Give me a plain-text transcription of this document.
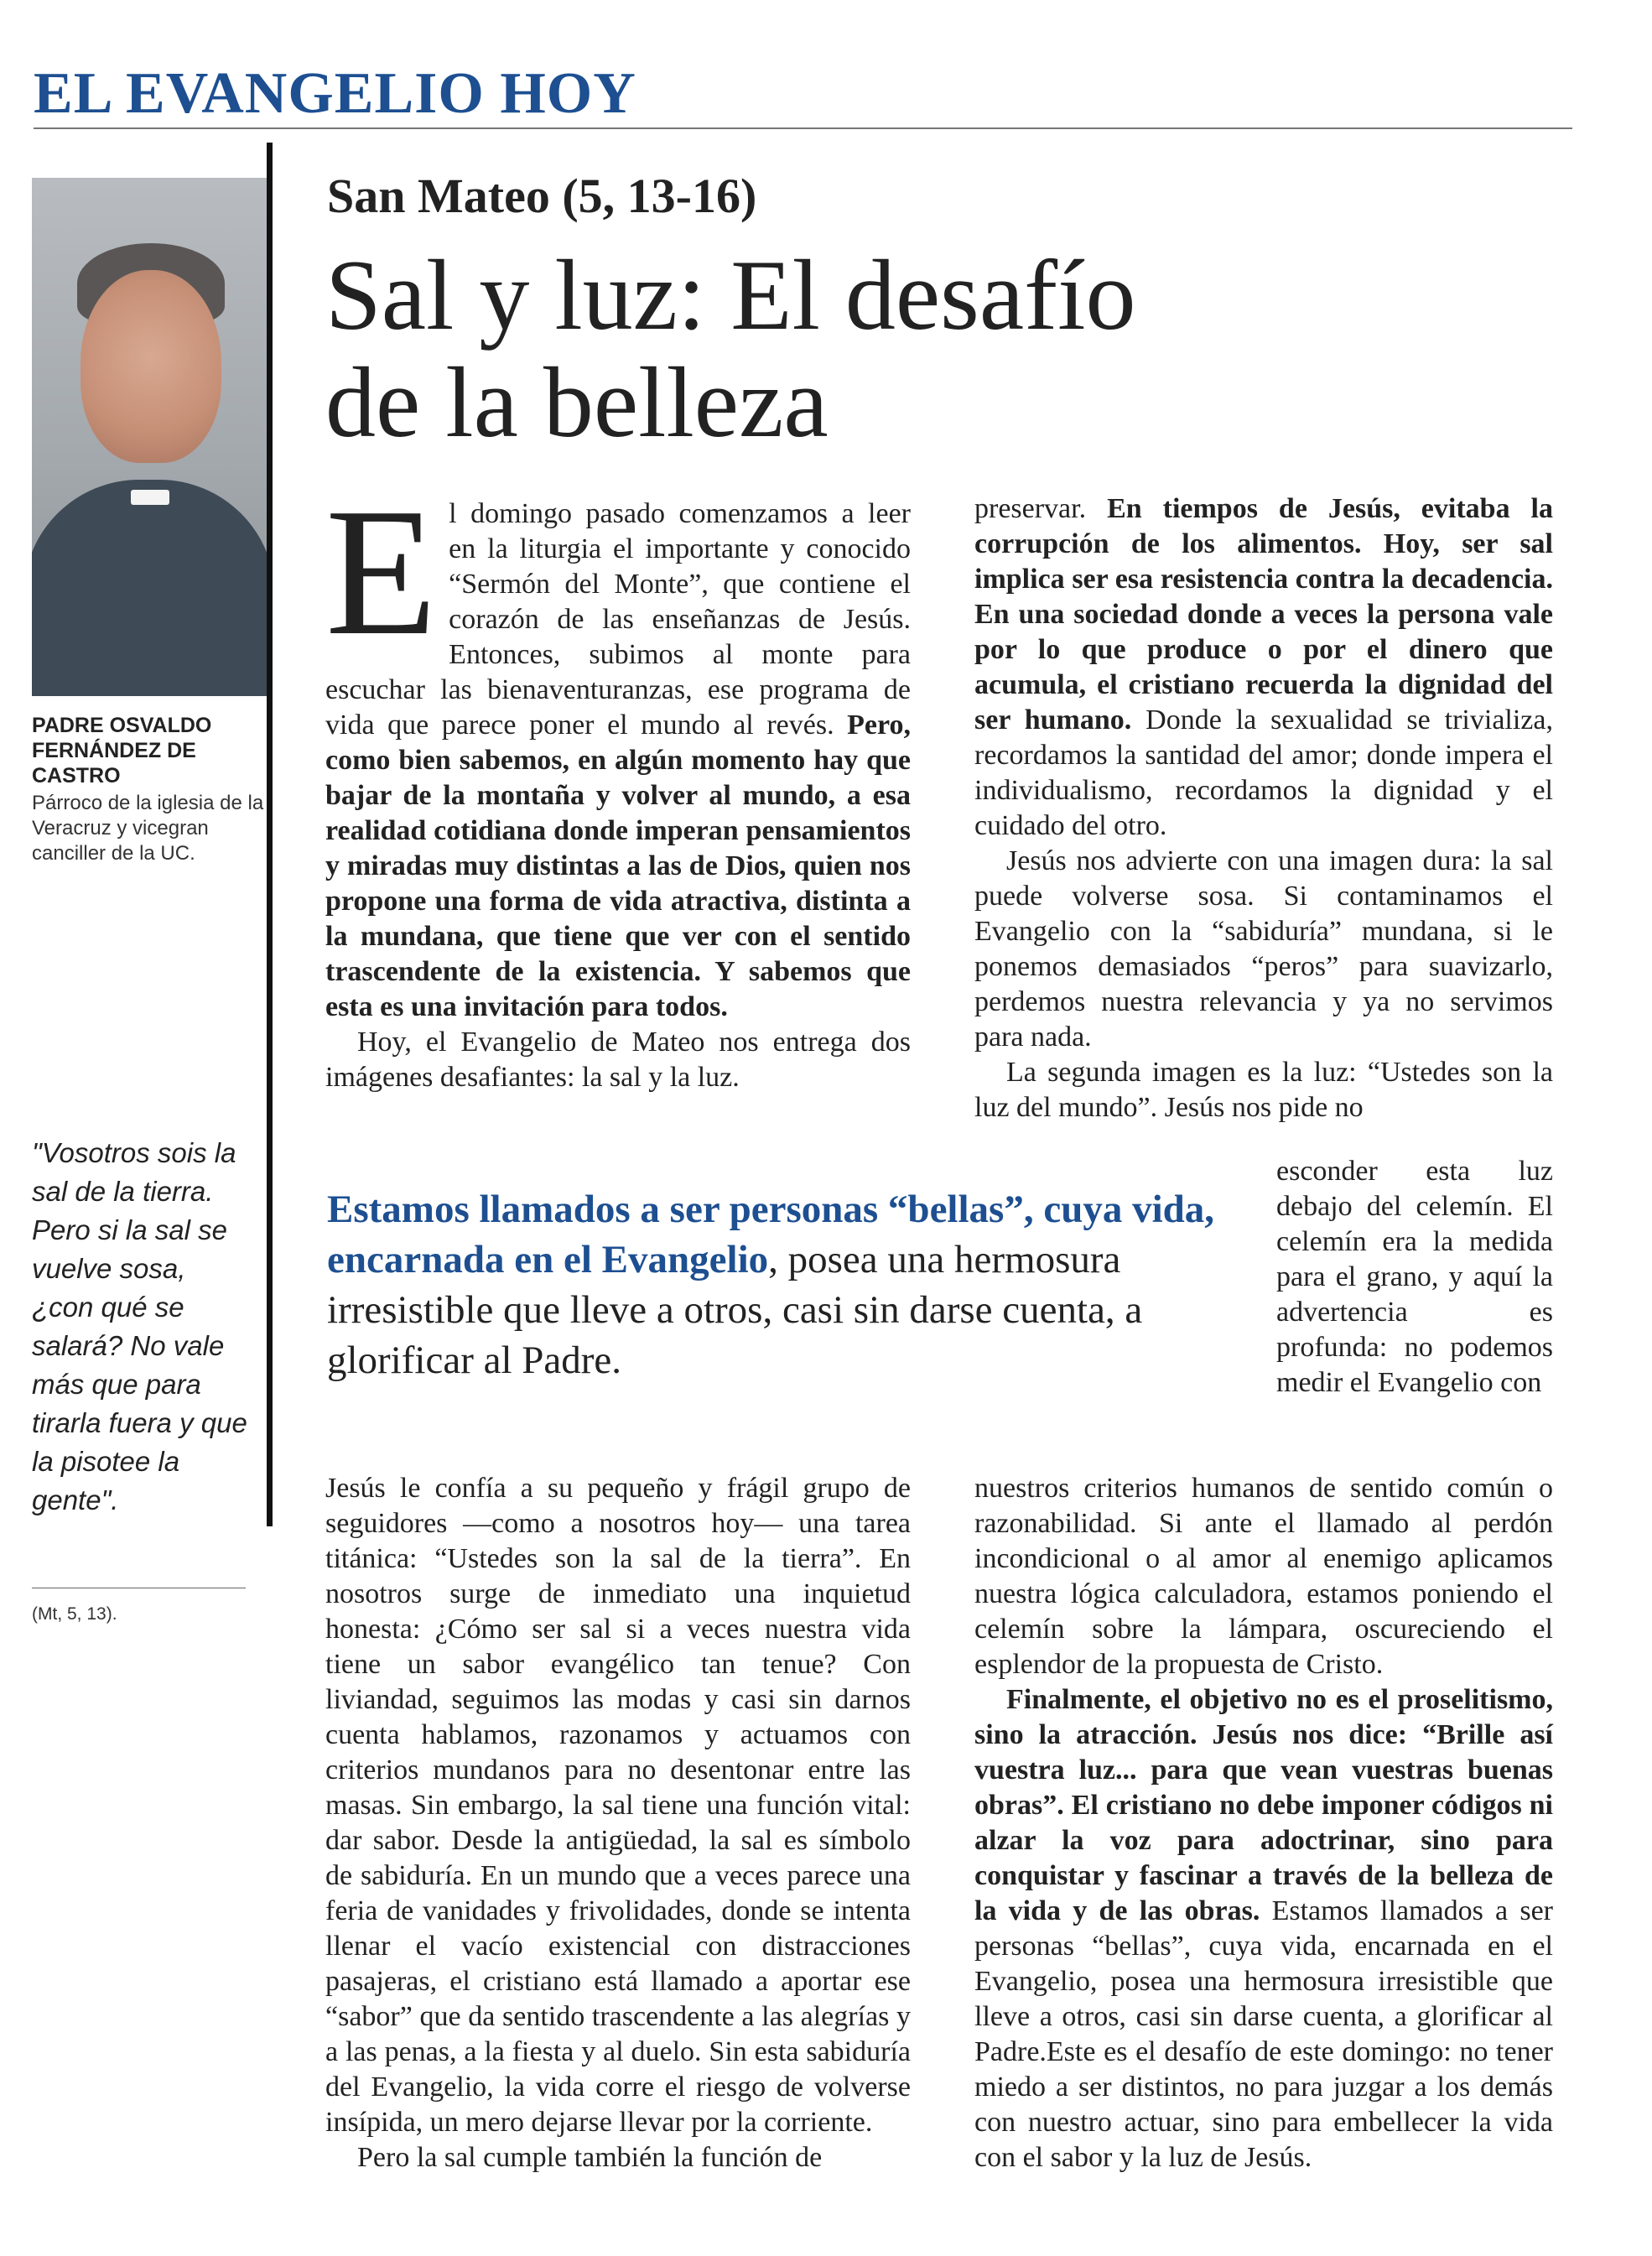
EL EVANGELIO HOY

PADRE OSVALDO FERNÁNDEZ DE CASTRO

Párroco de la iglesia de la Veracruz y vicegran canciller de la UC.

"Vosotros sois la sal de la tierra. Pero si la sal se vuelve sosa, ¿con qué se salará? No vale más que para tirarla fuera y que la pisotee la gente".

(Mt, 5, 13).
San Mateo (5, 13-16)
Sal y luz: El desafío
de la belleza

El domingo pasado comenzamos a leer en la liturgia el importante y conocido “Sermón del Monte”, que contiene el corazón de las enseñanzas de Jesús. Entonces, subimos al monte para escuchar las bienaventuranzas, ese programa de vida que parece poner el mundo al revés. Pero, como bien sabemos, en algún momento hay que bajar de la montaña y volver al mundo, a esa realidad cotidiana donde imperan pensamientos y miradas muy distintas a las de Dios, quien nos propone una forma de vida atractiva, distinta a la mundana, que tiene que ver con el sentido trascendente de la existencia. Y sabemos que esta es una invitación para todos.

Hoy, el Evangelio de Mateo nos entrega dos imágenes desafiantes: la sal y la luz.

Estamos llamados a ser personas “bellas”, cuya vida, encarnada en el Evangelio, posea una hermosura irresistible que lleve a otros, casi sin darse cuenta, a glorificar al Padre.

Jesús le confía a su pequeño y frágil grupo de seguidores —como a nosotros hoy— una tarea titánica: “Ustedes son la sal de la tierra”. En nosotros surge de inmediato una inquietud honesta: ¿Cómo ser sal si a veces nuestra vida tiene un sabor evangélico tan tenue? Con liviandad, seguimos las modas y casi sin darnos cuenta hablamos, razonamos y actuamos con criterios mundanos para no desentonar entre las masas. Sin embargo, la sal tiene una función vital: dar sabor. Desde la antigüedad, la sal es símbolo de sabiduría. En un mundo que a veces parece una feria de vanidades y frivolidades, donde se intenta llenar el vacío existencial con distracciones pasajeras, el cristiano está llamado a aportar ese “sabor” que da sentido trascendente a las alegrías y a las penas, a la fiesta y al duelo. Sin esta sabiduría del Evangelio, la vida corre el riesgo de volverse insípida, un mero dejarse llevar por la corriente.

Pero la sal cumple también la función de

preservar. En tiempos de Jesús, evitaba la corrupción de los alimentos. Hoy, ser sal implica ser esa resistencia contra la decadencia. En una sociedad donde a veces la persona vale por lo que produce o por el dinero que acumula, el cristiano recuerda la dignidad del ser humano. Donde la sexualidad se trivializa, recordamos la santidad del amor; donde impera el individualismo, recordamos la dignidad y el cuidado del otro.

Jesús nos advierte con una imagen dura: la sal puede volverse sosa. Si contaminamos el Evangelio con la “sabiduría” mundana, si le ponemos demasiados “peros” para suavizarlo, perdemos nuestra relevancia y ya no servimos para nada.

La segunda imagen es la luz: “Ustedes son la luz del mundo”. Jesús nos pide no

esconder esta luz debajo del celemín. El celemín era la medida para el grano, y aquí la advertencia es profunda: no podemos medir el Evangelio con

nuestros criterios humanos de sentido común o razonabilidad. Si ante el llamado al perdón incondicional o al amor al enemigo aplicamos nuestra lógica calculadora, estamos poniendo el celemín sobre la lámpara, oscureciendo el esplendor de la propuesta de Cristo.

Finalmente, el objetivo no es el proselitismo, sino la atracción. Jesús nos dice: “Brille así vuestra luz... para que vean vuestras buenas obras”. El cristiano no debe imponer códigos ni alzar la voz para adoctrinar, sino para conquistar y fascinar a través de la belleza de la vida y de las obras. Estamos llamados a ser personas “bellas”, cuya vida, encarnada en el Evangelio, posea una hermosura irresistible que lleve a otros, casi sin darse cuenta, a glorificar al Padre.Este es el desafío de este domingo: no tener miedo a ser distintos, no para juzgar a los demás con nuestro actuar, sino para embellecer la vida con el sabor y la luz de Jesús.
